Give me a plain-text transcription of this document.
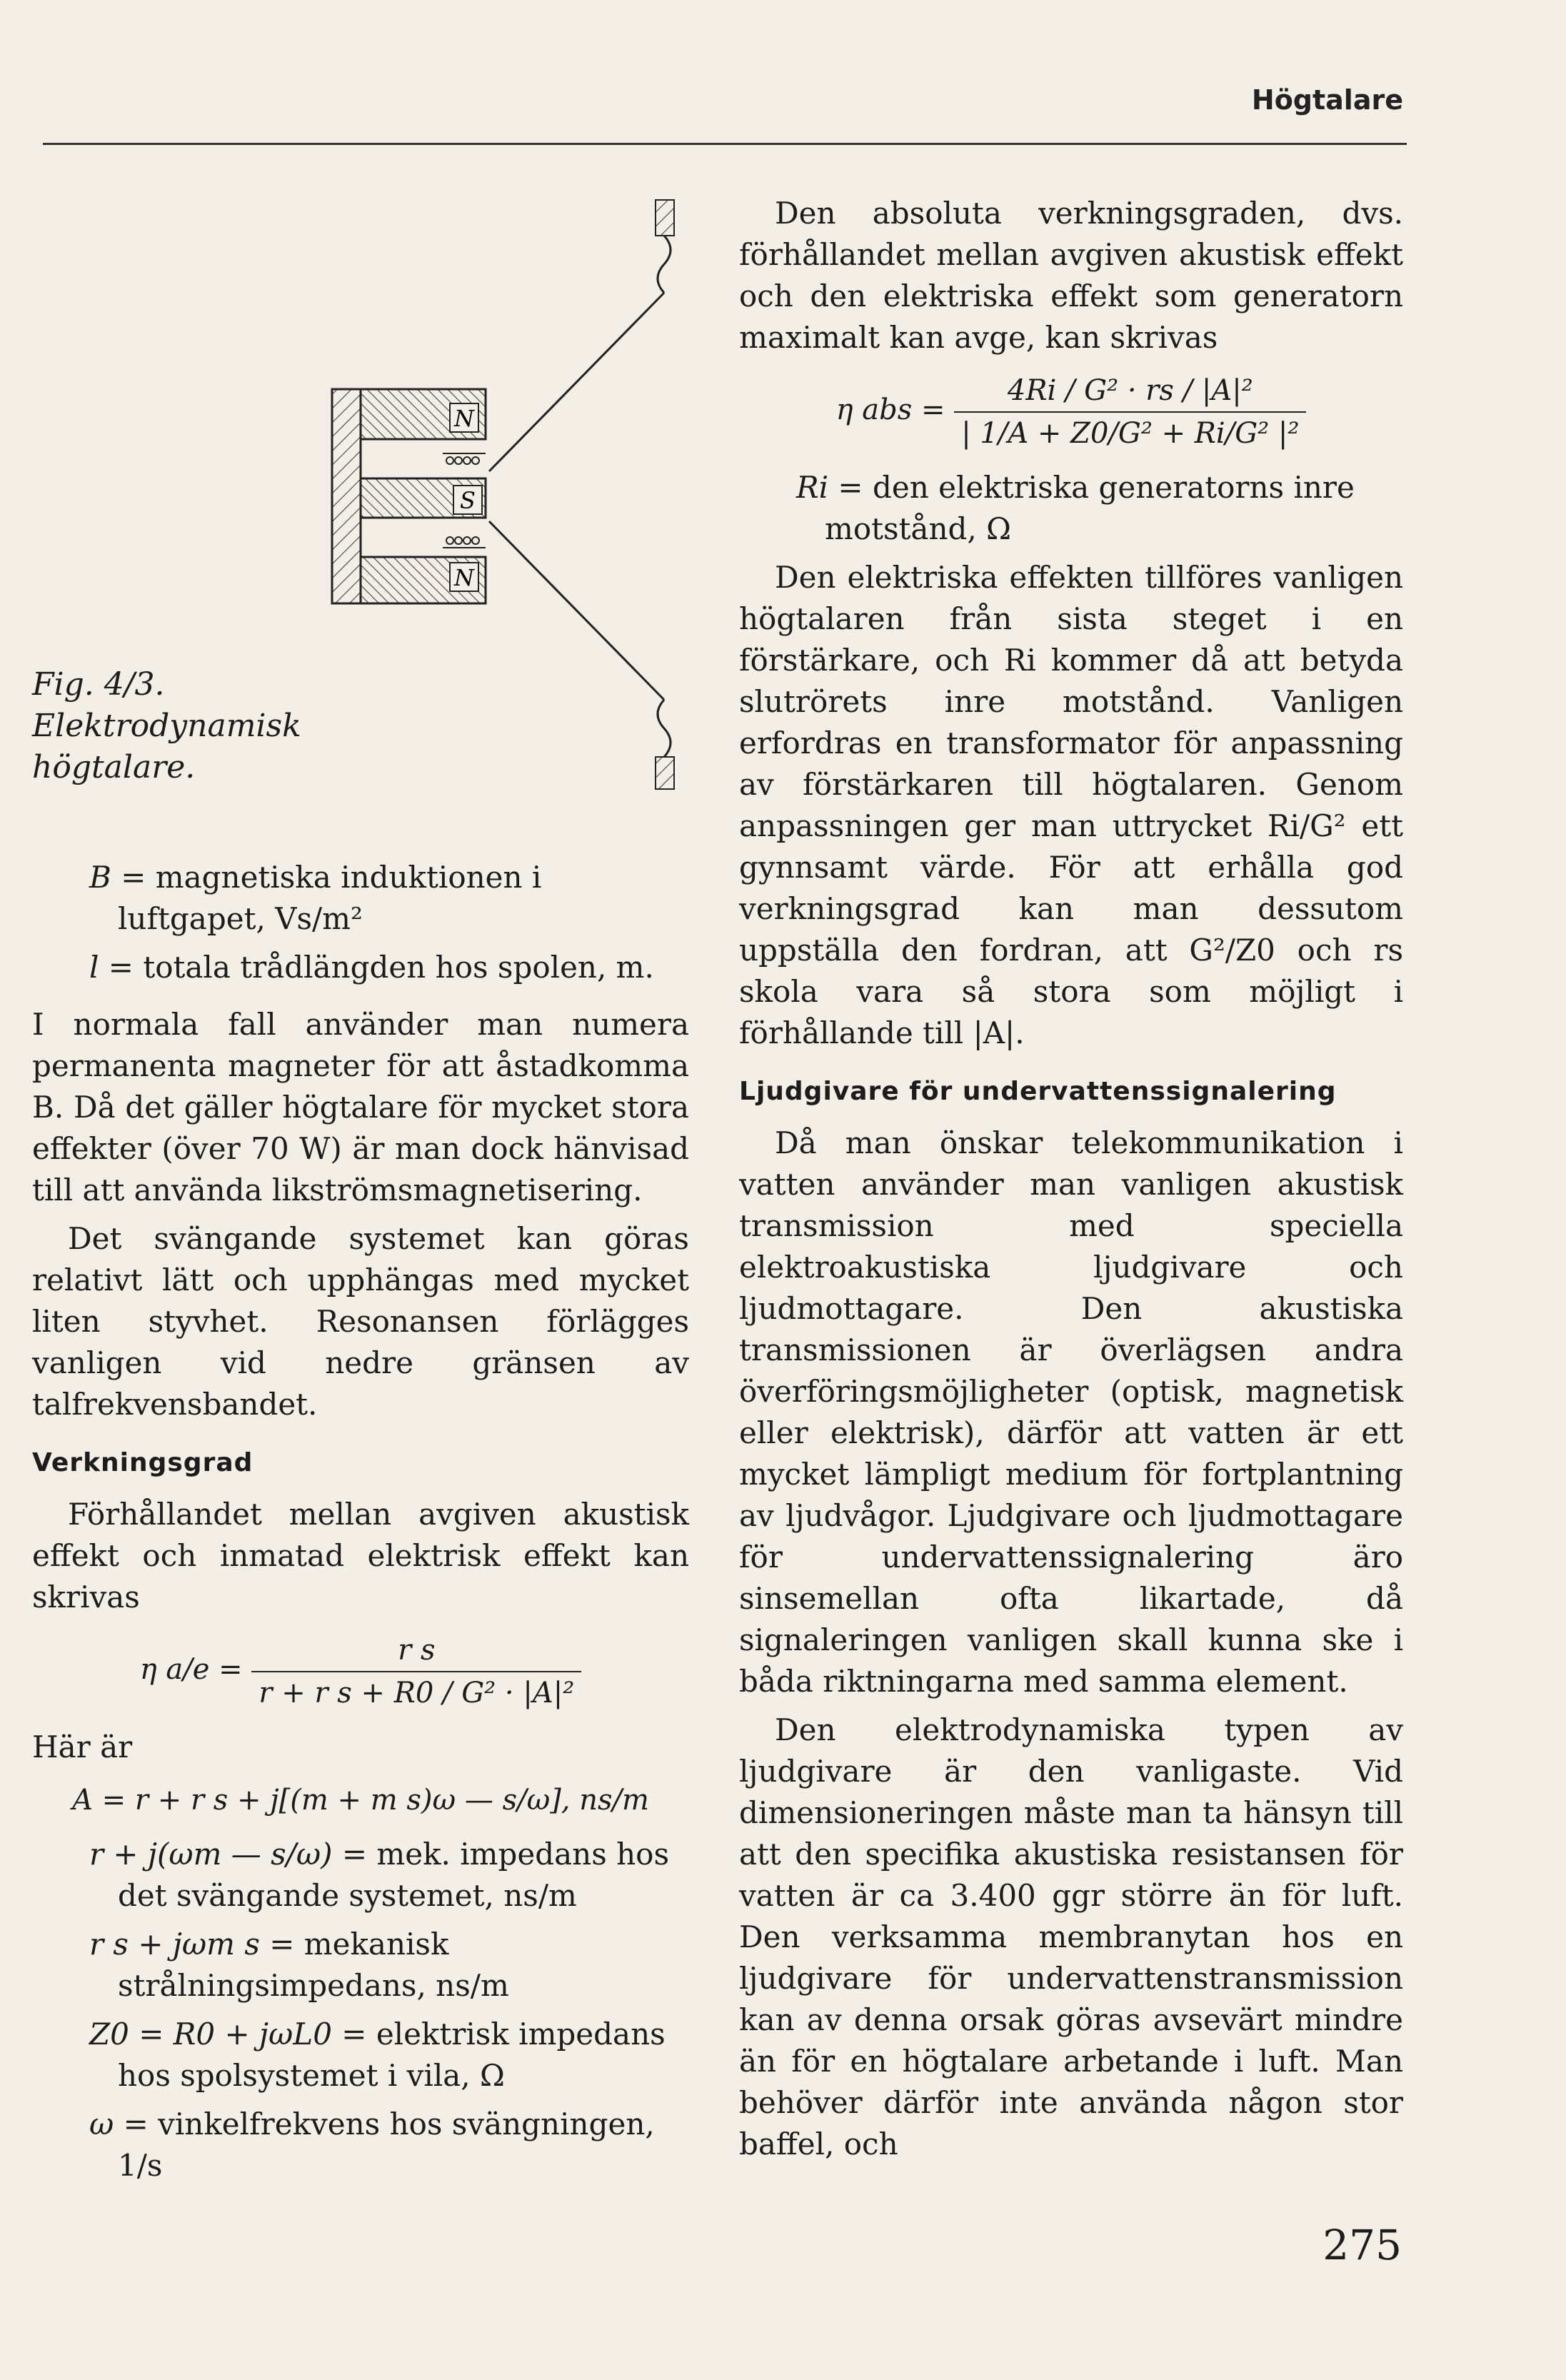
Högtalare
N
S
N
Fig. 4/3. Elektrodynamisk högtalare.
B = magnetiska induktionen i luftgapet, Vs/m²
l = totala trådlängden hos spolen, m.

I normala fall använder man numera permanenta magneter för att åstadkomma B. Då det gäller högtalare för mycket stora effekter (över 70 W) är man dock hänvisad till att använda likströmsmagnetisering.

Det svängande systemet kan göras relativt lätt och upphängas med mycket liten styvhet. Resonansen förlägges vanligen vid nedre gränsen av talfrekvensbandet.

Verkningsgrad

Förhållandet mellan avgiven akustisk effekt och inmatad elektrisk effekt kan skrivas

η $a/e = \frac{\text{r s}}{\text{r + r s + R0 / G² · |A|²}}$

Här är

A = r + r s + j[(m + m s)ω — s/ω], ns/m
r + j(ωm — s/ω) = mek. impedans hos det svängande systemet, ns/m
r s + jωm s = mekanisk strålningsimpedans, ns/m
Z0 = R0 + jωL0 = elektrisk impedans hos spolsystemet i vila, Ω
ω = vinkelfrekvens hos svängningen, 1/s

Den absoluta verkningsgraden, dvs. förhållandet mellan avgiven akustisk effekt och den elektriska effekt som generatorn maximalt kan avge, kan skrivas

η abs = $\frac{\text{4Ri / G² · rs / |A|²}}{\text{| 1/A + Z0/G² + Ri/G² |²}}$
Ri = den elektriska generatorns inre motstånd, Ω

Den elektriska effekten tillföres vanligen högtalaren från sista steget i en förstärkare, och Ri kommer då att betyda slutrörets inre motstånd. Vanligen erfordras en transformator för anpassning av förstärkaren till högtalaren. Genom anpassningen ger man uttrycket Ri/G² ett gynnsamt värde. För att erhålla god verkningsgrad kan man dessutom uppställa den fordran, att G²/Z0 och rs skola vara så stora som möjligt i förhållande till |A|.

Ljudgivare för undervattenssignalering

Då man önskar telekommunikation i vatten använder man vanligen akustisk transmission med speciella elektroakustiska ljudgivare och ljudmottagare. Den akustiska transmissionen är överlägsen andra överföringsmöjligheter (optisk, magnetisk eller elektrisk), därför att vatten är ett mycket lämpligt medium för fortplantning av ljudvågor. Ljudgivare och ljudmottagare för undervattenssignalering äro sinsemellan ofta likartade, då signaleringen vanligen skall kunna ske i båda riktningarna med samma element.

Den elektrodynamiska typen av ljudgivare är den vanligaste. Vid dimensioneringen måste man ta hänsyn till att den specifika akustiska resistansen för vatten är ca 3.400 ggr större än för luft. Den verksamma membranytan hos en ljudgivare för undervattenstransmission kan av denna orsak göras avsevärt mindre än för en högtalare arbetande i luft. Man behöver därför inte använda någon stor baffel, och

275
